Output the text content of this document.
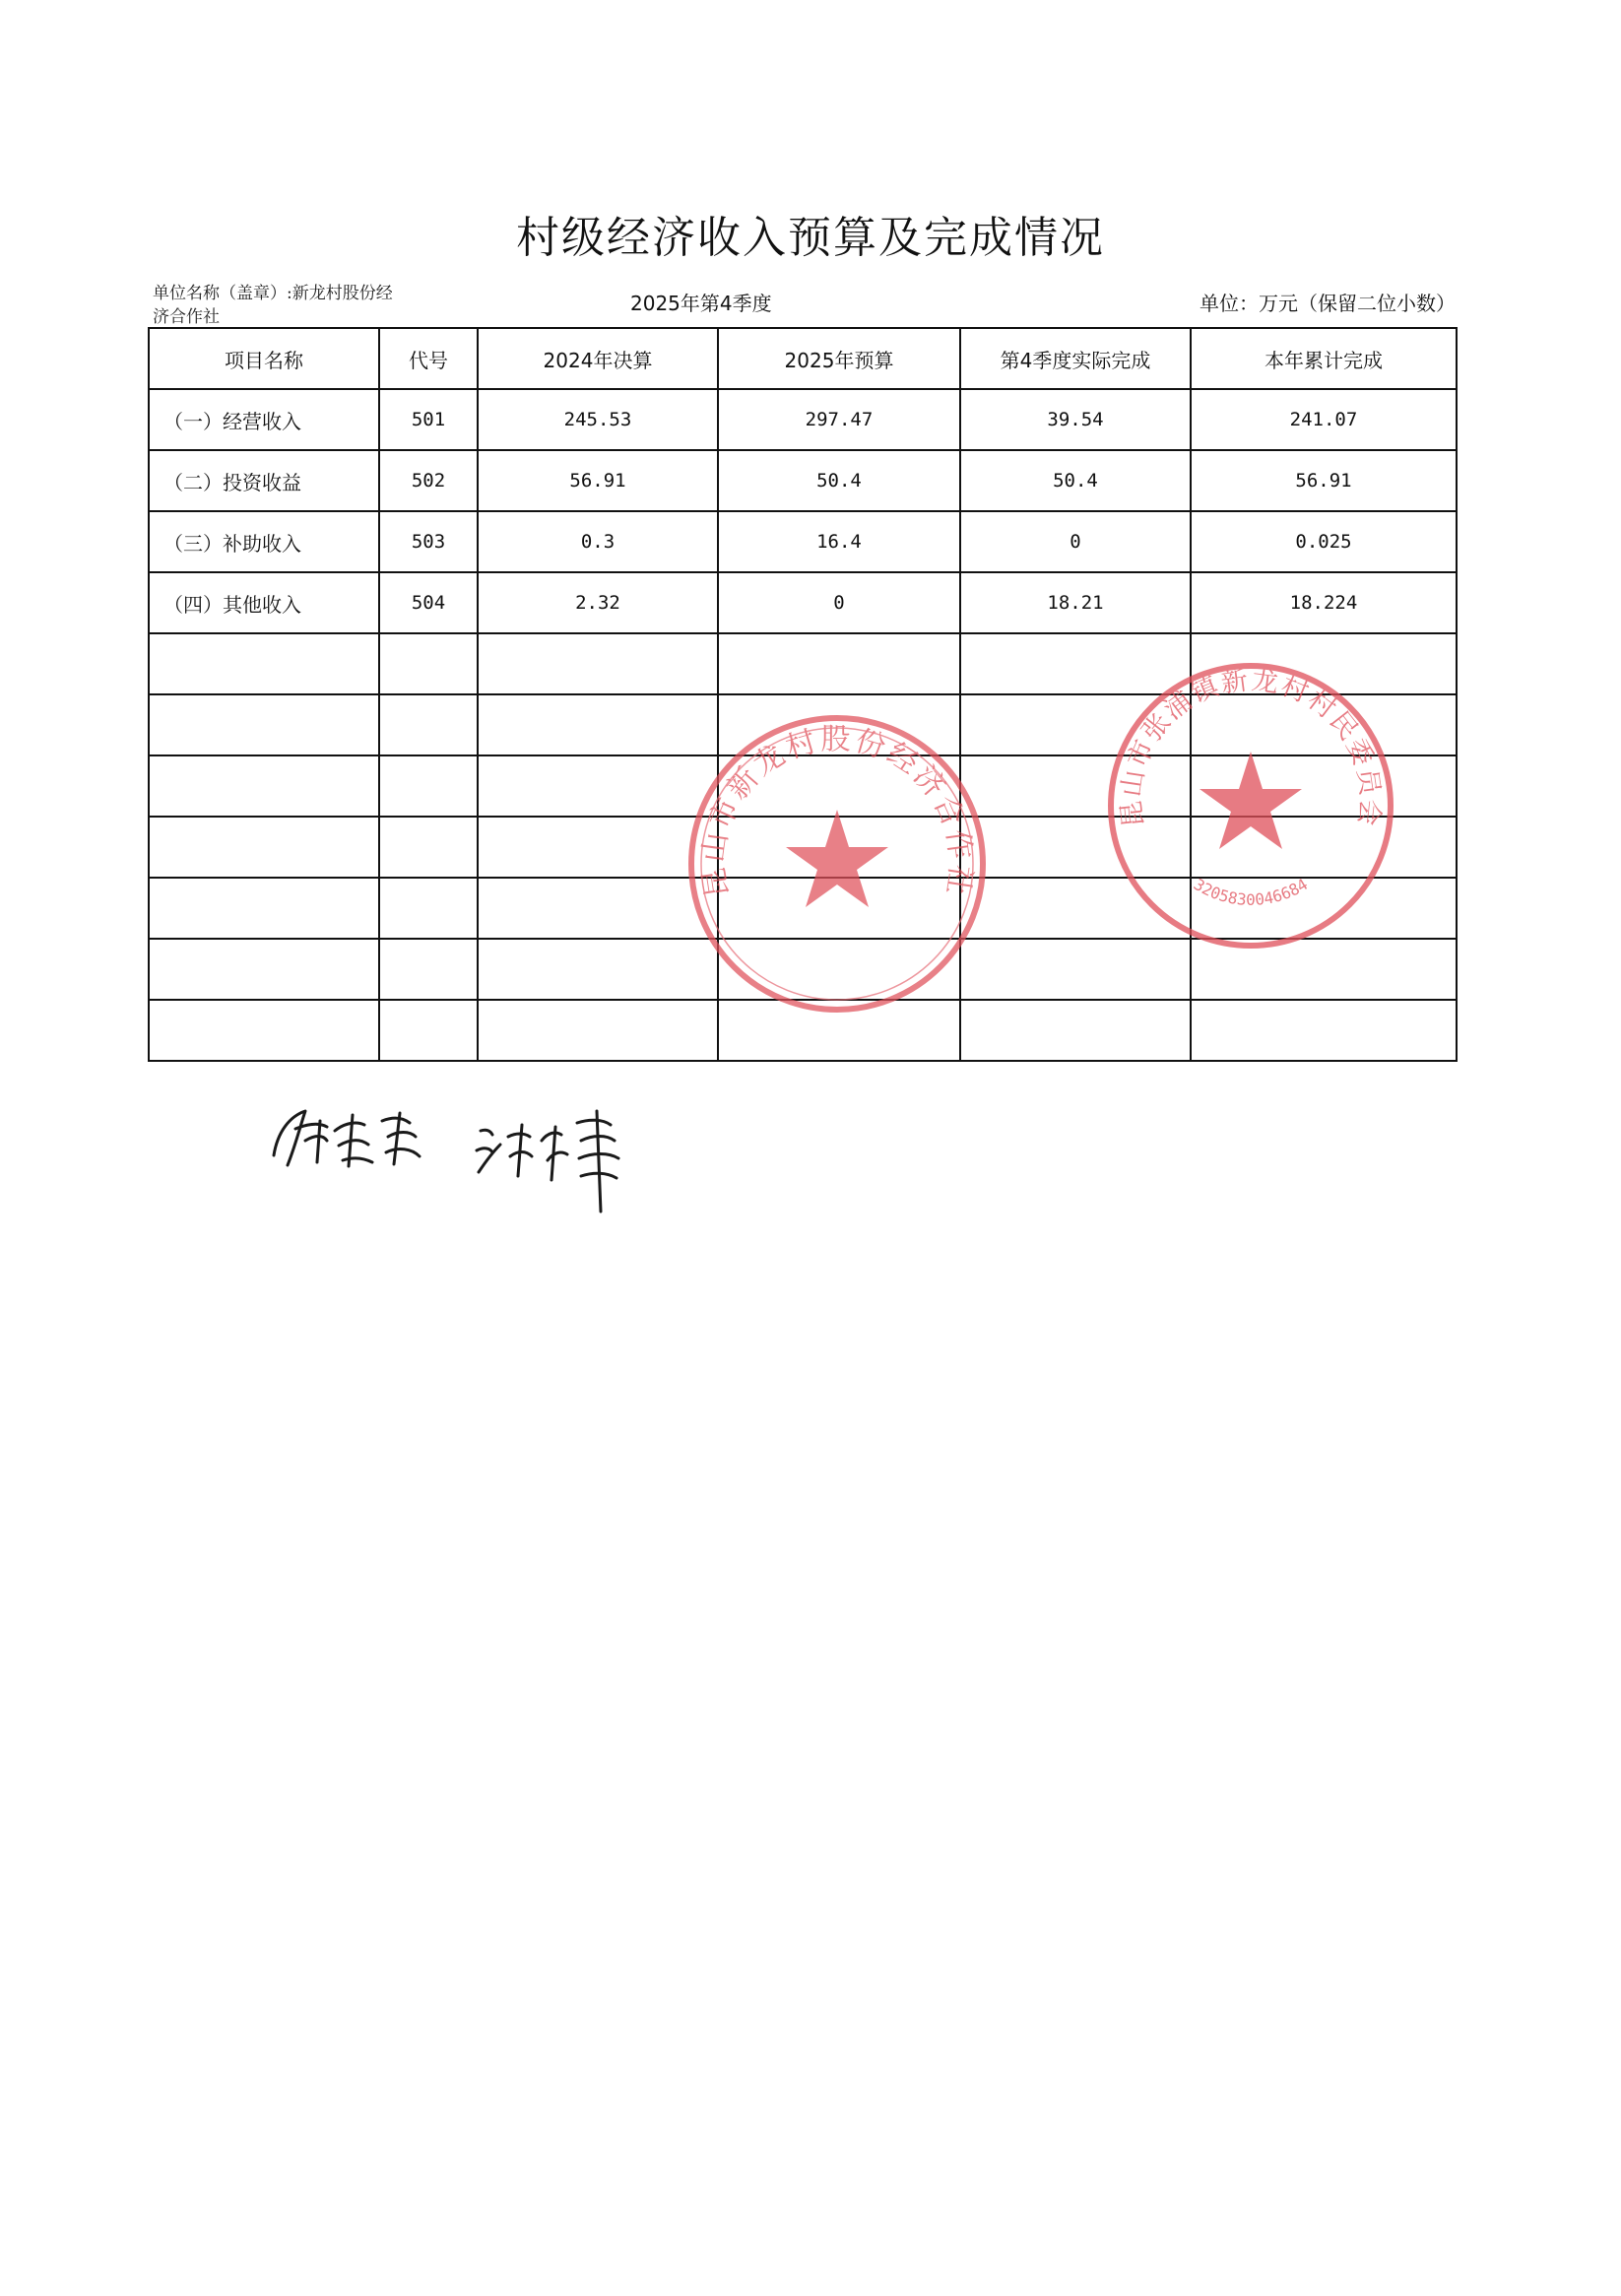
村级经济收入预算及完成情况
单位名称（盖章）:新龙村股份经济合作社
2025年第4季度	单位：万元（保留二位小数）
项目名称	代号	2024年决算	2025年预算	第4季度实际完成	本年累计完成
（一）经营收入	501	245.53	297.47	39.54	241.07
（二）投资收益	502	56.91	50.4	50.4	56.91
（三）补助收入	503	0.3	16.4	0	0.025
（四）其他收入	504	2.32	0	18.21	18.224

昆山市新龙村股份经济合作社
昆山市张浦镇新龙村村民委员会
3205830046684
